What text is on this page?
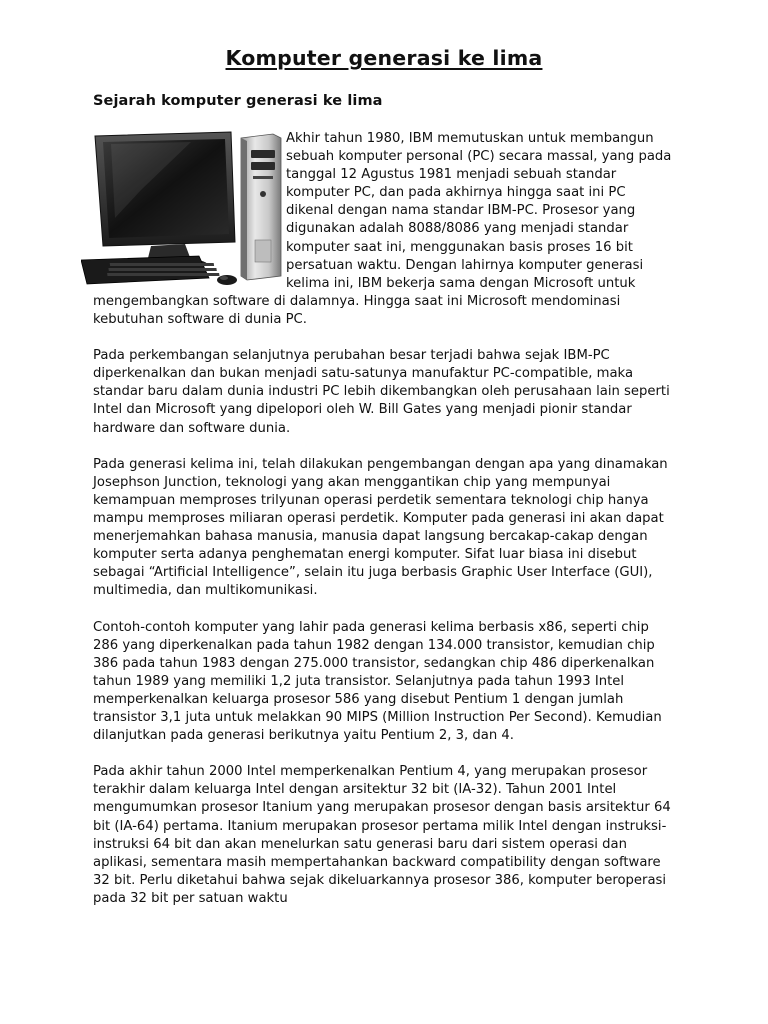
Komputer generasi ke lima
Sejarah komputer generasi ke lima

Akhir tahun 1980, IBM memutuskan untuk membangun sebuah komputer personal (PC) secara massal, yang pada tanggal 12 Agustus 1981 menjadi sebuah standar komputer PC, dan pada akhirnya hingga saat ini PC dikenal dengan nama standar IBM-PC. Prosesor yang digunakan adalah 8088/8086 yang menjadi standar komputer saat ini, menggunakan basis proses 16 bit persatuan waktu. Dengan lahirnya komputer generasi kelima ini, IBM bekerja sama dengan Microsoft untuk mengembangkan software di dalamnya. Hingga saat ini Microsoft mendominasi kebutuhan software di dunia PC.

Pada perkembangan selanjutnya perubahan besar terjadi bahwa sejak IBM-PC diperkenalkan dan bukan menjadi satu-satunya manufaktur PC-compatible, maka standar baru dalam dunia industri PC lebih dikembangkan oleh perusahaan lain seperti Intel dan Microsoft yang dipelopori oleh W. Bill Gates yang menjadi pionir standar hardware dan software dunia.

Pada generasi kelima ini, telah dilakukan pengembangan dengan apa yang dinamakan Josephson Junction, teknologi yang akan menggantikan chip yang mempunyai kemampuan memproses trilyunan operasi perdetik sementara teknologi chip hanya mampu memproses miliaran operasi perdetik. Komputer pada generasi ini akan dapat menerjemahkan bahasa manusia, manusia dapat langsung bercakap-cakap dengan komputer serta adanya penghematan energi komputer. Sifat luar biasa ini disebut sebagai “Artificial Intelligence”, selain itu juga berbasis Graphic User Interface (GUI), multimedia, dan multikomunikasi.

Contoh-contoh komputer yang lahir pada generasi kelima berbasis x86, seperti chip 286 yang diperkenalkan pada tahun 1982 dengan 134.000 transistor, kemudian chip 386 pada tahun 1983 dengan 275.000 transistor, sedangkan chip 486 diperkenalkan tahun 1989 yang memiliki 1,2 juta transistor. Selanjutnya pada tahun 1993 Intel memperkenalkan keluarga prosesor 586 yang disebut Pentium 1 dengan jumlah transistor 3,1 juta untuk melakkan 90 MIPS (Million Instruction Per Second). Kemudian dilanjutkan pada generasi berikutnya yaitu Pentium 2, 3, dan 4.

Pada akhir tahun 2000 Intel memperkenalkan Pentium 4, yang merupakan prosesor terakhir dalam keluarga Intel dengan arsitektur 32 bit (IA-32). Tahun 2001 Intel mengumumkan prosesor Itanium yang merupakan prosesor dengan basis arsitektur 64 bit (IA-64) pertama. Itanium merupakan prosesor pertama milik Intel dengan instruksi-instruksi 64 bit dan akan menelurkan satu generasi baru dari sistem operasi dan aplikasi, sementara masih mempertahankan backward compatibility dengan software 32 bit. Perlu diketahui bahwa sejak dikeluarkannya prosesor 386, komputer beroperasi pada 32 bit per satuan waktu
